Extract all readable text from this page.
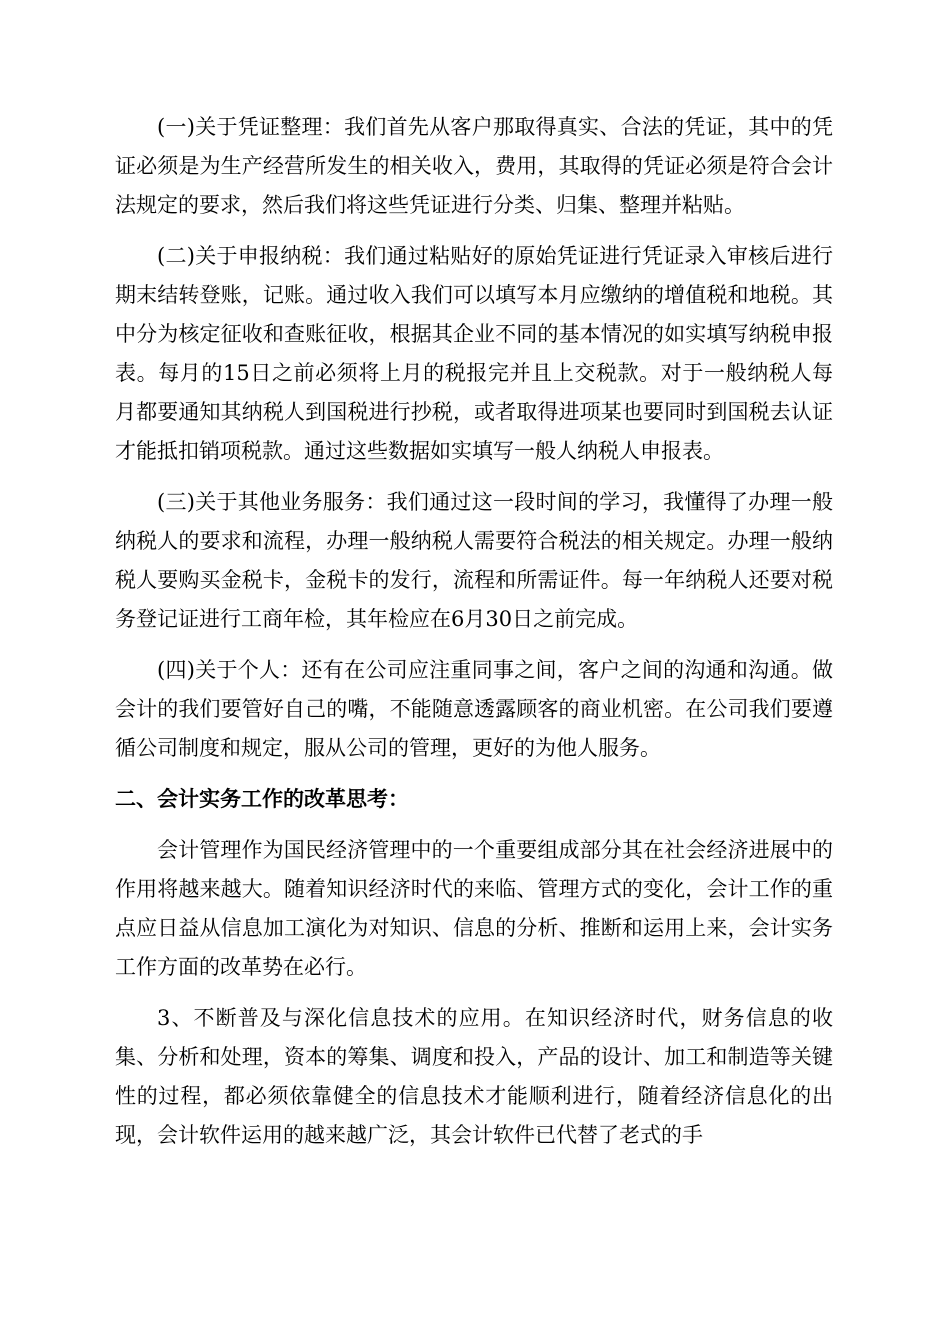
(一)关于凭证整理：我们首先从客户那取得真实、合法的凭证，其中的凭证必须是为生产经营所发生的相关收入，费用，其取得的凭证必须是符合会计法规定的要求，然后我们将这些凭证进行分类、归集、整理并粘贴。

(二)关于申报纳税：我们通过粘贴好的原始凭证进行凭证录入审核后进行期末结转登账，记账。通过收入我们可以填写本月应缴纳的增值税和地税。其中分为核定征收和查账征收，根据其企业不同的基本情况的如实填写纳税申报表。每月的15日之前必须将上月的税报完并且上交税款。对于一般纳税人每月都要通知其纳税人到国税进行抄税，或者取得进项某也要同时到国税去认证才能抵扣销项税款。通过这些数据如实填写一般人纳税人申报表。

(三)关于其他业务服务：我们通过这一段时间的学习，我懂得了办理一般纳税人的要求和流程，办理一般纳税人需要符合税法的相关规定。办理一般纳税人要购买金税卡，金税卡的发行，流程和所需证件。每一年纳税人还要对税务登记证进行工商年检，其年检应在6月30日之前完成。

(四)关于个人：还有在公司应注重同事之间，客户之间的沟通和沟通。做会计的我们要管好自己的嘴，不能随意透露顾客的商业机密。在公司我们要遵循公司制度和规定，服从公司的管理，更好的为他人服务。

二、会计实务工作的改革思考：

会计管理作为国民经济管理中的一个重要组成部分其在社会经济进展中的作用将越来越大。随着知识经济时代的来临、管理方式的变化，会计工作的重点应日益从信息加工演化为对知识、信息的分析、推断和运用上来，会计实务工作方面的改革势在必行。

3、不断普及与深化信息技术的应用。在知识经济时代，财务信息的收集、分析和处理，资本的筹集、调度和投入，产品的设计、加工和制造等关键性的过程，都必须依靠健全的信息技术才能顺利进行，随着经济信息化的出现，会计软件运用的越来越广泛，其会计软件已代替了老式的手
